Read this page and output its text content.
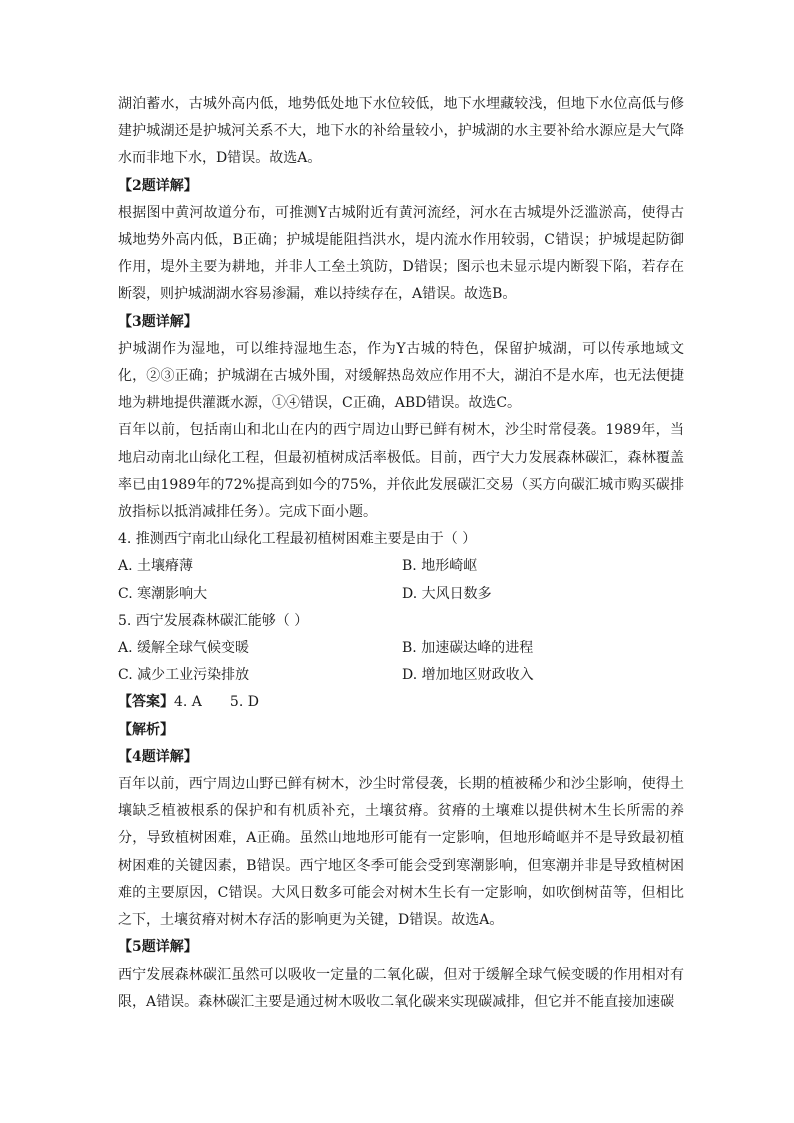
湖泊蓄水，古城外高内低，地势低处地下水位较低，地下水埋藏较浅，但地下水位高低与修建护城湖还是护城河关系不大，地下水的补给量较小，护城湖的水主要补给水源应是大气降水而非地下水，D错误。故选A。

【2题详解】

根据图中黄河故道分布，可推测Y古城附近有黄河流经，河水在古城堤外泛滥淤高，使得古城地势外高内低，B正确；护城堤能阻挡洪水，堤内流水作用较弱，C错误；护城堤起防御作用，堤外主要为耕地，并非人工垒土筑防，D错误；图示也未显示堤内断裂下陷，若存在断裂，则护城湖湖水容易渗漏，难以持续存在，A错误。故选B。

【3题详解】

护城湖作为湿地，可以维持湿地生态，作为Y古城的特色，保留护城湖，可以传承地域文化，②③正确；护城湖在古城外围，对缓解热岛效应作用不大，湖泊不是水库，也无法便捷地为耕地提供灌溉水源，①④错误，C正确，ABD错误。故选C。

百年以前，包括南山和北山在内的西宁周边山野已鲜有树木，沙尘时常侵袭。1989年，当地启动南北山绿化工程，但最初植树成活率极低。目前，西宁大力发展森林碳汇，森林覆盖率已由1989年的72%提高到如今的75%，并依此发展碳汇交易（买方向碳汇城市购买碳排放指标以抵消减排任务）。完成下面小题。

4. 推测西宁南北山绿化工程最初植树困难主要是由于（ ）

A. 土壤瘠薄	B. 地形崎岖
C. 寒潮影响大	D. 大风日数多

5. 西宁发展森林碳汇能够（ ）

A. 缓解全球气候变暖	B. 加速碳达峰的进程
C. 减少工业污染排放	D. 增加地区财政收入

【答案】4. A 5. D

【解析】

【4题详解】

百年以前，西宁周边山野已鲜有树木，沙尘时常侵袭，长期的植被稀少和沙尘影响，使得土壤缺乏植被根系的保护和有机质补充，土壤贫瘠。贫瘠的土壤难以提供树木生长所需的养分，导致植树困难，A正确。虽然山地地形可能有一定影响，但地形崎岖并不是导致最初植树困难的关键因素，B错误。西宁地区冬季可能会受到寒潮影响，但寒潮并非是导致植树困难的主要原因，C错误。大风日数多可能会对树木生长有一定影响，如吹倒树苗等，但相比之下，土壤贫瘠对树木存活的影响更为关键，D错误。故选A。

【5题详解】

西宁发展森林碳汇虽然可以吸收一定量的二氧化碳，但对于缓解全球气候变暖的作用相对有限，A错误。森林碳汇主要是通过树木吸收二氧化碳来实现碳减排，但它并不能直接加速碳
